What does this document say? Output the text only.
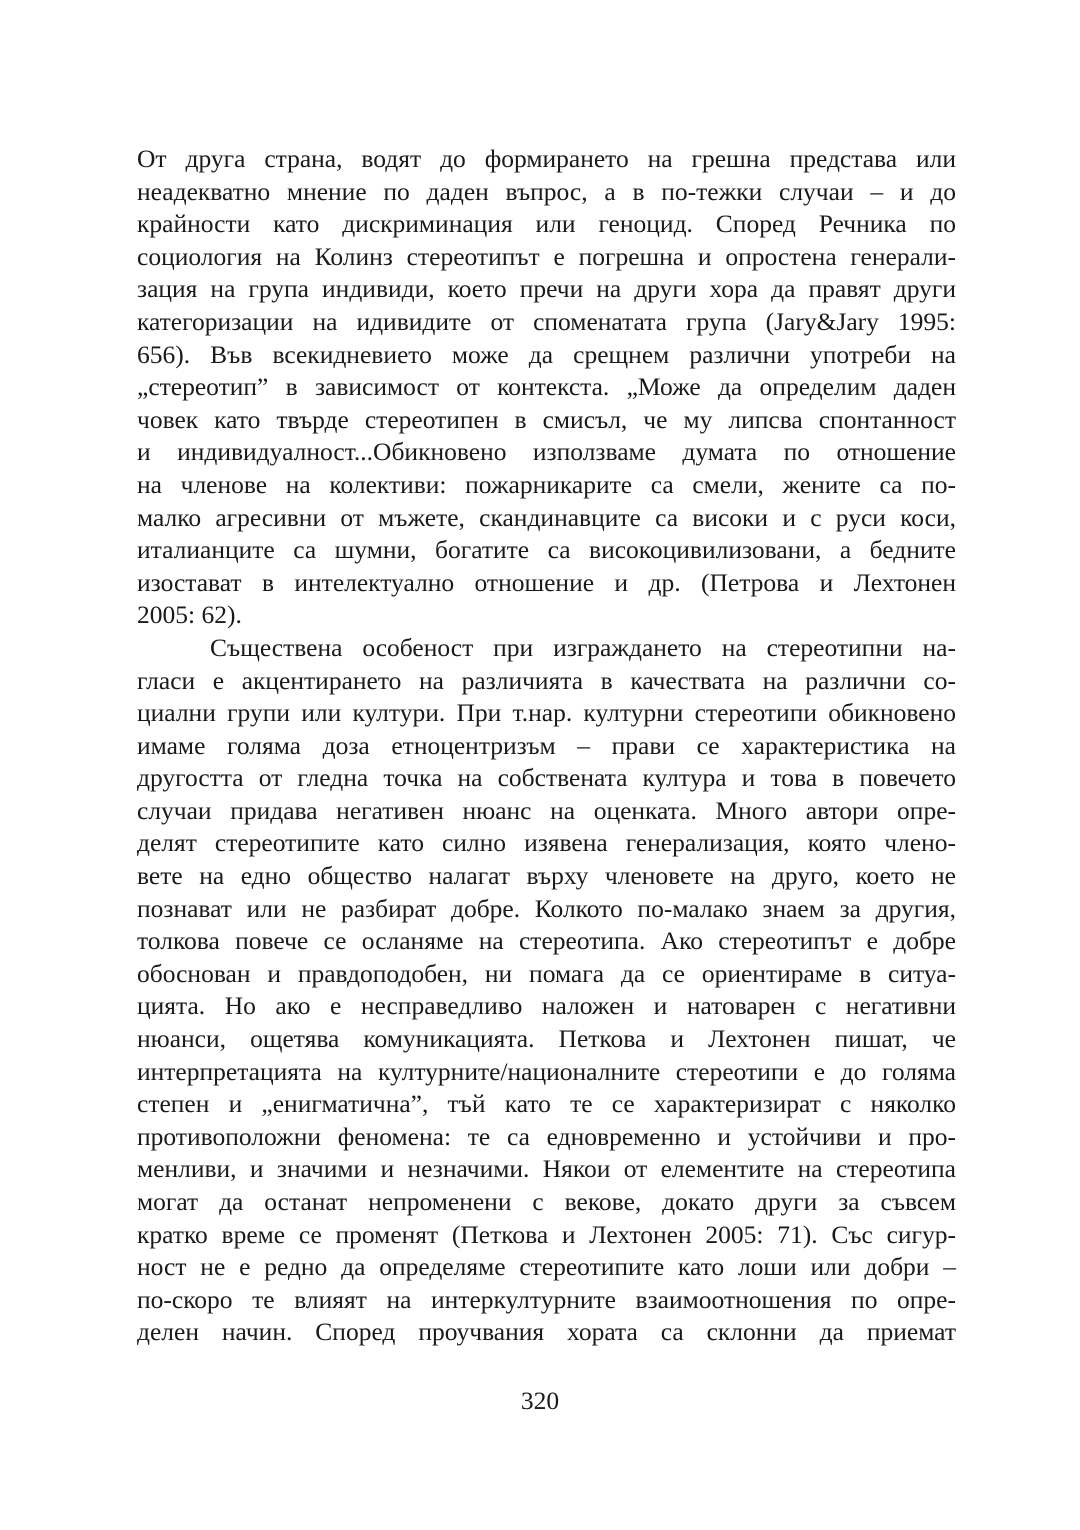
От друга страна, водят до формирането на грешна представа или
неадекватно мнение по даден въпрос, а в по-тежки случаи – и до
крайности като дискриминация или геноцид. Според Речника по
социология на Колинз стереотипът е погрешна и опростена генерали-
зация на група индивиди, което пречи на други хора да правят други
категоризации на идивидите от споменатата група (Jary&Jary 1995:
656). Във всекидневието може да срещнем различни употреби на
„стереотип” в зависимост от контекста. „Може да определим даден
човек като твърде стереотипен в смисъл, че му липсва спонтанност
и индивидуалност...Обикновено използваме думата по отношение
на членове на колективи: пожарникарите са смели, жените са по-
малко агресивни от мъжете, скандинавците са високи и с руси коси,
италианците са шумни, богатите са високоцивилизовани, а бедните
изостават в интелектуално отношение и др. (Петрова и Лехтонен
2005: 62).
Съществена особеност при изграждането на стереотипни на-
гласи е акцентирането на различията в качествата на различни со-
циални групи или култури. При т.нар. културни стереотипи обикновено
имаме голяма доза етноцентризъм – прави се характеристика на
другостта от гледна точка на собствената култура и това в повечето
случаи придава негативен нюанс на оценката. Много автори опре-
делят стереотипите като силно изявена генерализация, която члено-
вете на едно общество налагат върху членовете на друго, което не
познават или не разбират добре. Колкото по-малако знаем за другия,
толкова повече се осланяме на стереотипа. Ако стереотипът е добре
обоснован и правдоподобен, ни помага да се ориентираме в ситуа-
цията. Но ако е несправедливо наложен и натоварен с негативни
нюанси, ощетява комуникацията. Петкова и Лехтонен пишат, че
интерпретацията на културните/националните стереотипи е до голяма
степен и „енигматична”, тъй като те се характеризират с няколко
противоположни феномена: те са едновременно и устойчиви и про-
менливи, и значими и незначими. Някои от елементите на стереотипа
могат да останат непроменени с векове, докато други за съвсем
кратко време се променят (Петкова и Лехтонен 2005: 71). Със сигур-
ност не е редно да определяме стереотипите като лоши или добри –
по-скоро те влияят на интеркултурните взаимоотношения по опре-
делен начин. Според проучвания хората са склонни да приемат
320
